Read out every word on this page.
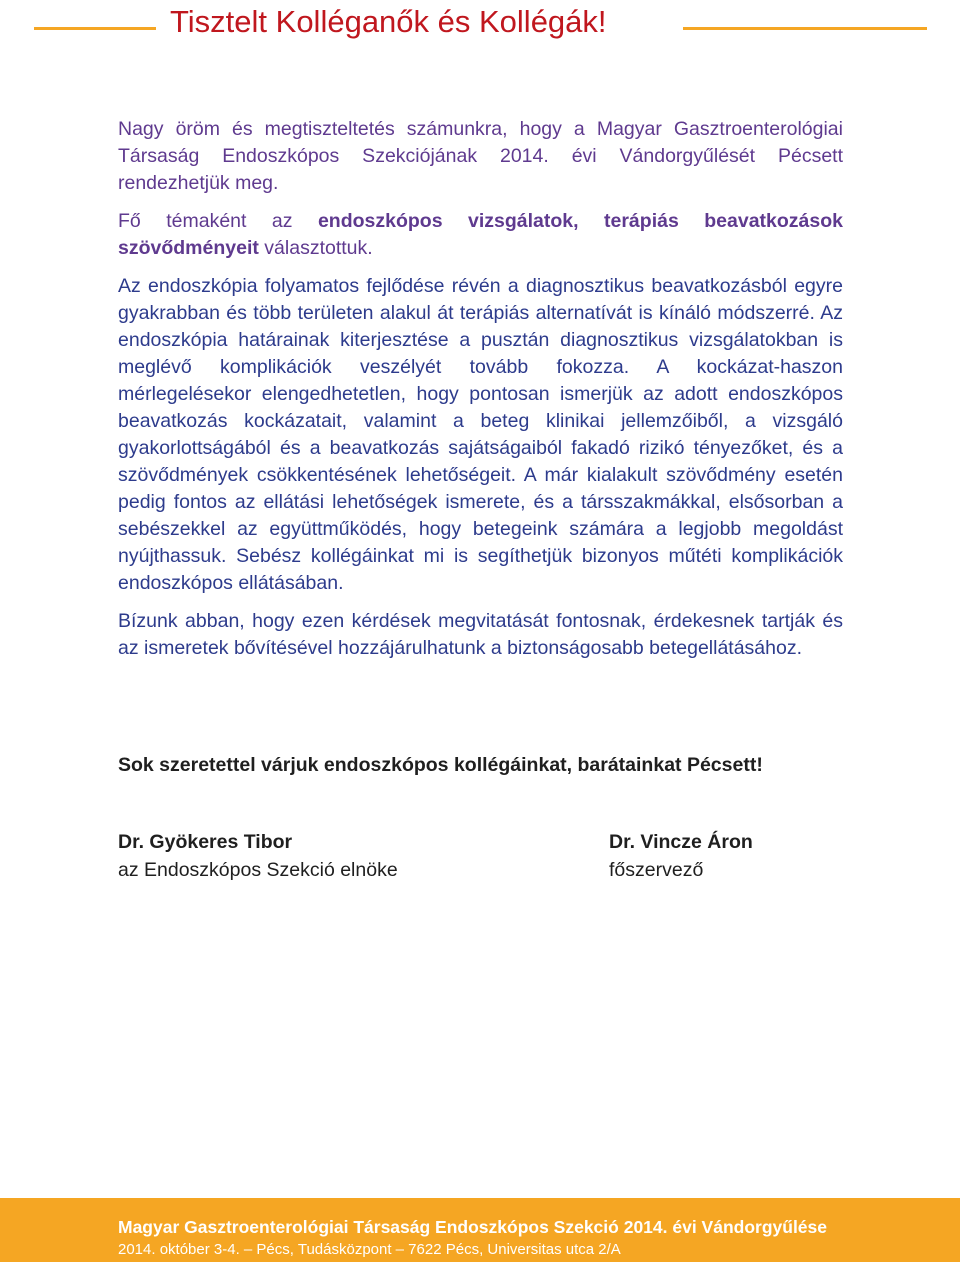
Tisztelt Kolléganők és Kollégák!

Nagy öröm és megtiszteltetés számunkra, hogy a Magyar Gasztroenterológiai Társaság Endoszkópos Szekciójának 2014. évi Vándorgyűlését Pécsett rendezhetjük meg.

Fő témaként az endoszkópos vizsgálatok, terápiás beavatkozások szövődményeit választottuk.

Az endoszkópia folyamatos fejlődése révén a diagnosztikus beavatkozásból egyre gyakrabban és több területen alakul át terápiás alternatívát is kínáló módszerré. Az endoszkópia határainak kiterjesztése a pusztán diagnosztikus vizsgálatokban is meglévő komplikációk veszélyét tovább fokozza. A kockázat-haszon mérlegelésekor elengedhetetlen, hogy pontosan ismerjük az adott endoszkópos beavatkozás kockázatait, valamint a beteg klinikai jellemzőiből, a vizsgáló gyakorlottságából és a beavatkozás sajátságaiból fakadó rizikó tényezőket, és a szövődmények csökkentésének lehetőségeit. A már kialakult szövődmény esetén pedig fontos az ellátási lehetőségek ismerete, és a társszakmákkal, elsősorban a sebészekkel az együttműködés, hogy betegeink számára a legjobb megoldást nyújthassuk. Sebész kollégáinkat mi is segíthetjük bizonyos műtéti komplikációk endoszkópos ellátásában.

Bízunk abban, hogy ezen kérdések megvitatását fontosnak, érdekesnek tartják és az ismeretek bővítésével hozzájárulhatunk a biztonságosabb betegellátásához.

Sok szeretettel várjuk endoszkópos kollégáinkat, barátainkat Pécsett!

Dr. Gyökeres Tibor
az Endoszkópos Szekció elnöke
Dr. Vincze Áron
főszervező
Magyar Gasztroenterológiai Társaság Endoszkópos Szekció 2014. évi Vándorgyűlése
2014. október 3-4. – Pécs, Tudásközpont – 7622 Pécs, Universitas utca 2/A
